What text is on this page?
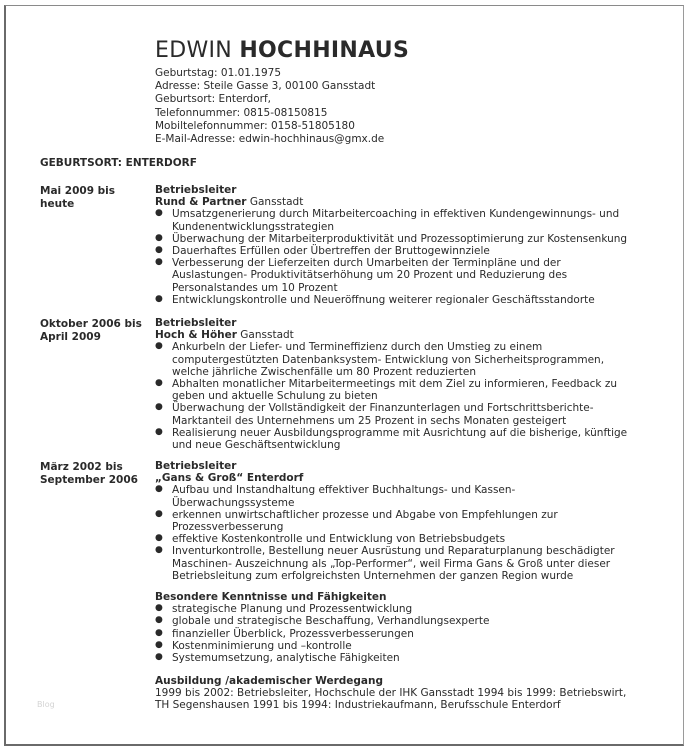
EDWIN HOCHHINAUS
Geburtstag: 01.01.1975
Adresse: Steile Gasse 3, 00100 Gansstadt
Geburtsort: Enterdorf,
Telefonnummer: 0815-08150815
Mobiltelefonnummer: 0158-51805180
E-Mail-Adresse: edwin-hochhinaus@gmx.de
GEBURTSORT: ENTERDORF
Mai 2009 bis heute
Betriebsleiter
Rund & Partner Gansstadt
● Umsatzgenerierung durch Mitarbeitercoaching in effektiven Kundengewinnungs- und Kundenentwicklungsstrategien
● Überwachung der Mitarbeiterproduktivität und Prozessoptimierung zur Kostensenkung
● Dauerhaftes Erfüllen oder Übertreffen der Bruttogewinnziele
● Verbesserung der Lieferzeiten durch Umarbeiten der Terminpläne und der Auslastungen- Produktivitätserhöhung um 20 Prozent und Reduzierung des Personalstandes um 10 Prozent
● Entwicklungskontrolle und Neueröffnung weiterer regionaler Geschäftsstandorte
Oktober 2006 bis April 2009
Betriebsleiter
Hoch & Höher Gansstadt
● Ankurbeln der Liefer- und Termineffizienz durch den Umstieg zu einem computergestützten Datenbanksystem- Entwicklung von Sicherheitsprogrammen, welche jährliche Zwischenfälle um 80 Prozent reduzierten
● Abhalten monatlicher Mitarbeitermeetings mit dem Ziel zu informieren, Feedback zu geben und aktuelle Schulung zu bieten
● Überwachung der Vollständigkeit der Finanzunterlagen und Fortschrittsberichte- Marktanteil des Unternehmens um 25 Prozent in sechs Monaten gesteigert
● Realisierung neuer Ausbildungsprogramme mit Ausrichtung auf die bisherige, künftige und neue Geschäftsentwicklung
März 2002 bis September 2006
Betriebsleiter
„Gans & Groß“ Enterdorf
● Aufbau und Instandhaltung effektiver Buchhaltungs- und Kassen-Überwachungssysteme
● erkennen unwirtschaftlicher prozesse und Abgabe von Empfehlungen zur Prozessverbesserung
● effektive Kostenkontrolle und Entwicklung von Betriebsbudgets
● Inventurkontrolle, Bestellung neuer Ausrüstung und Reparaturplanung beschädigter Maschinen- Auszeichnung als „Top-Performer“, weil Firma Gans & Groß unter dieser Betriebsleitung zum erfolgreichsten Unternehmen der ganzen Region wurde
Besondere Kenntnisse und Fähigkeiten
● strategische Planung und Prozessentwicklung
● globale und strategische Beschaffung, Verhandlungsexperte
● finanzieller Überblick, Prozessverbesserungen
● Kostenminimierung und –kontrolle
● Systemumsetzung, analytische Fähigkeiten
Ausbildung /akademischer Werdegang
1999 bis 2002: Betriebsleiter, Hochschule der IHK Gansstadt 1994 bis 1999: Betriebswirt, TH Segenshausen 1991 bis 1994: Industriekaufmann, Berufsschule Enterdorf
Blog
